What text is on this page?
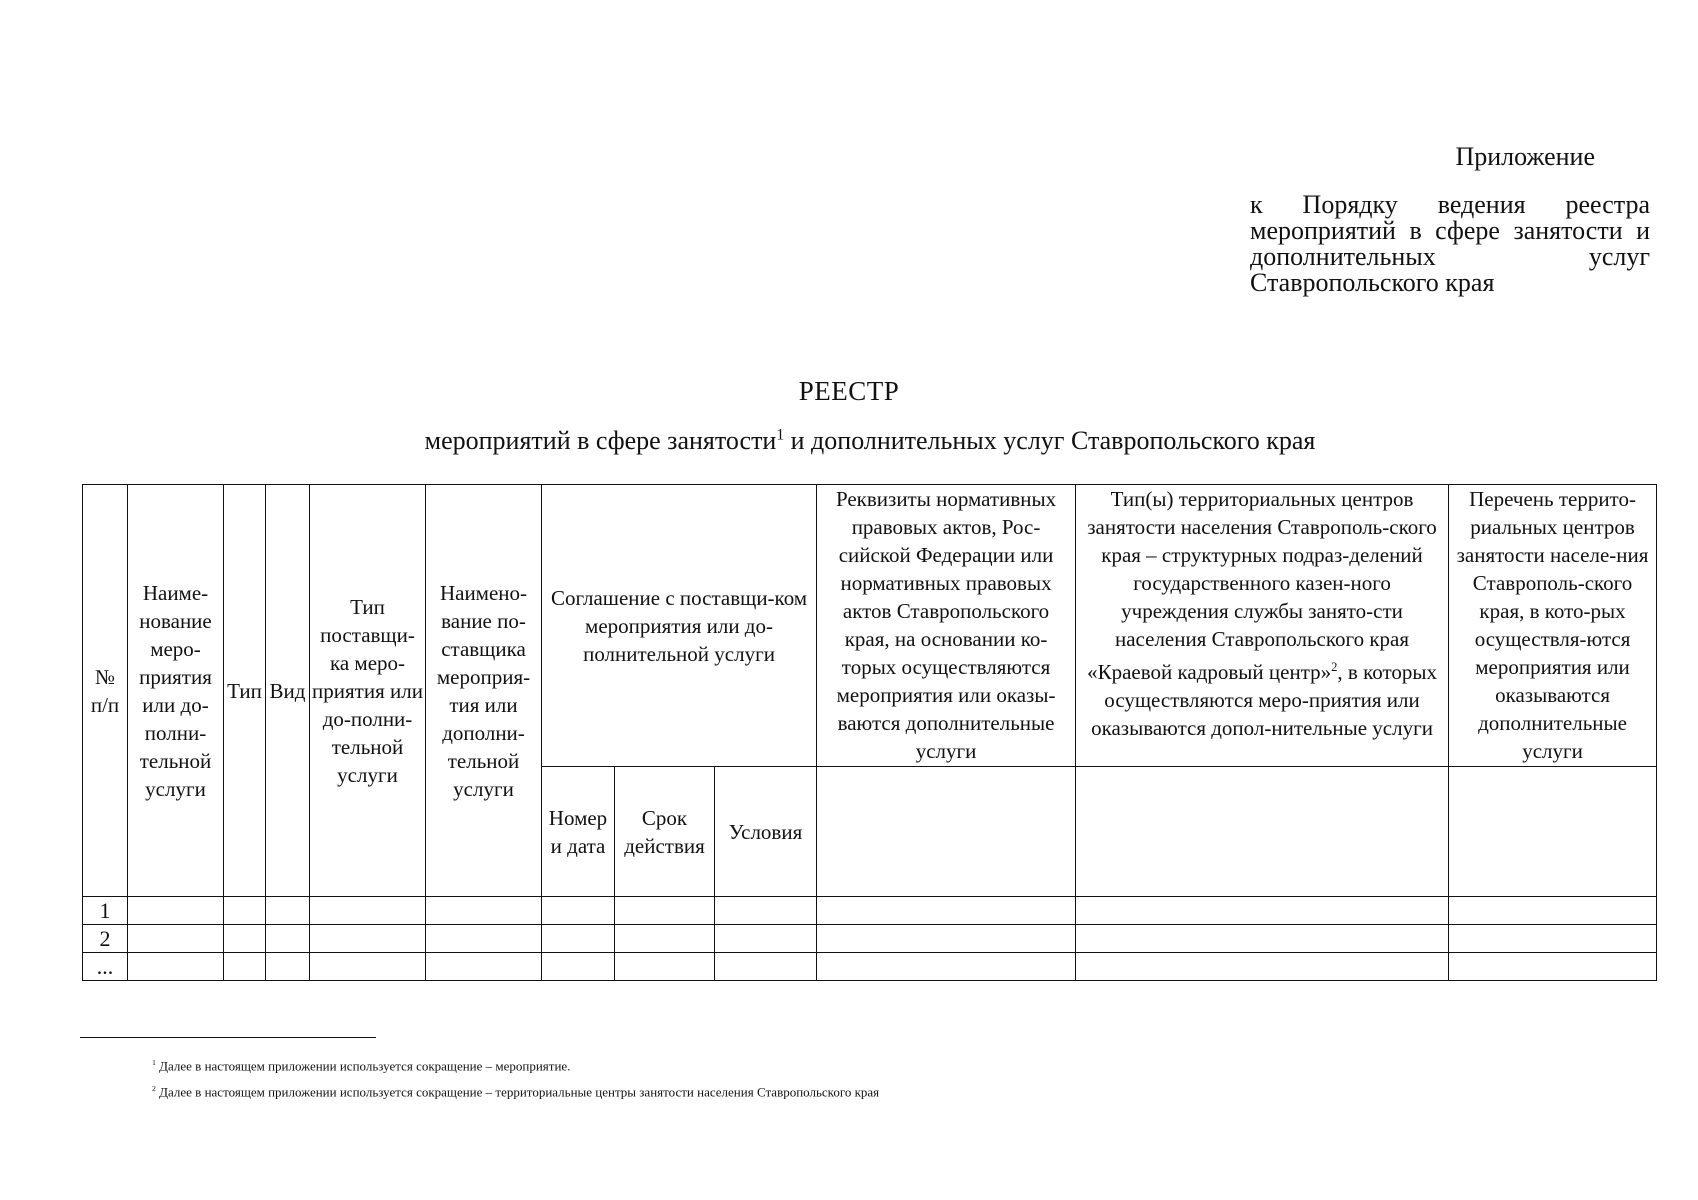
Приложение

к Порядку ведения реестра мероприятий в сфере занятости и дополнительных услуг Ставропольского края

РЕЕСТР
мероприятий в сфере занятости$^1$ и дополнительных услуг Ставропольского края
№ п/п	Наиме-нование меро-приятия или до-полни-тельной услуги	Тип	Вид	Тип поставщи-ка меро-приятия или до-полни-тельной услуги	Наимено-вание по-ставщика мероприя-тия или дополни-тельной услуги	Соглашение с поставщи-ком мероприятия или до-полнительной услуги			Реквизиты нормативных правовых актов, Рос-сийской Федерации или нормативных правовых актов Ставропольского края, на основании ко-торых осуществляются мероприятия или оказы-ваются дополнительные услуги	Тип(ы) территориальных центров занятости населения Ставрополь-ского края – структурных подраз-делений государственного казен-ного учреждения службы занято-сти населения Ставропольского края «Краевой кадровый центр»$^2$, в которых осуществляются меро-приятия или оказываются допол-нительные услуги	Перечень террито-риальных центров занятости населе-ния Ставрополь-ского края, в кото-рых осуществля-ются мероприятия или оказываются дополнительные услуги
						Номер и дата	Срок действия	Условия			
1											
2											
...											
$^1$ Далее в настоящем приложении используется сокращение – мероприятие.
$^2$ Далее в настоящем приложении используется сокращение – территориальные центры занятости населения Ставропольского края
